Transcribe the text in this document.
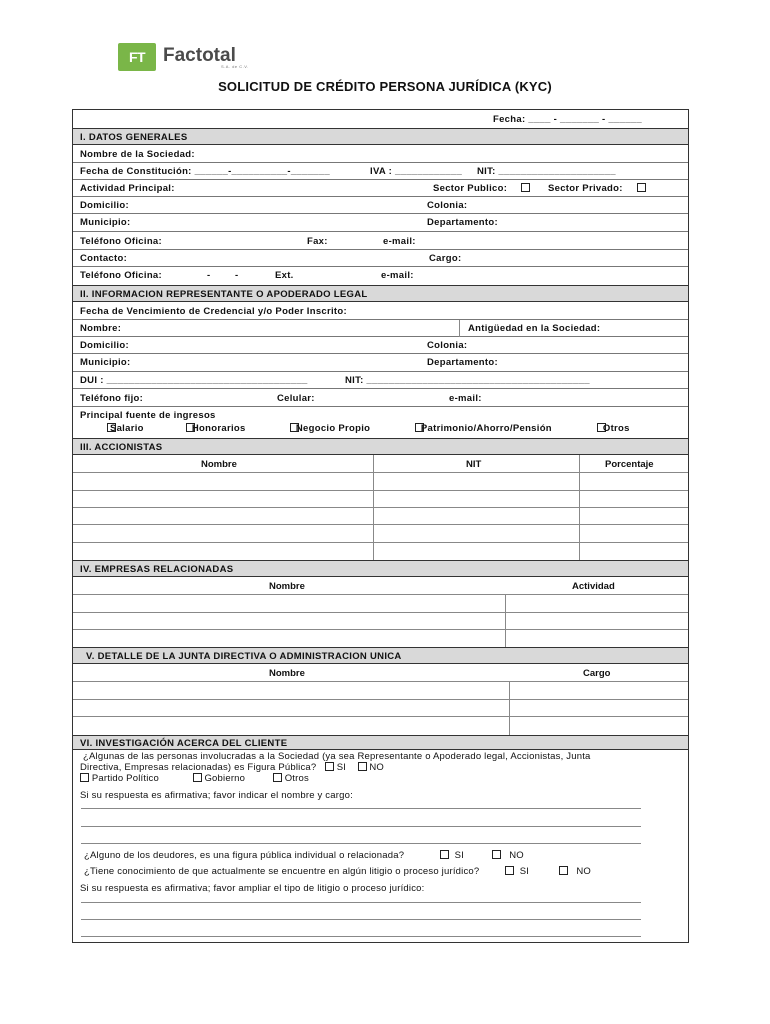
FT Factotal
S.A. de C.V.
SOLICITUD DE CRÉDITO PERSONA JURÍDICA (KYC)
Fecha: ____ - _______ - ______
I. DATOS GENERALES
Nombre de la Sociedad:
Fecha de Constitución: ______-__________-_______	IVA : ____________ NIT: _____________________
Actividad Principal:	Sector Publico:	Sector Privado:
Domicilio:	Colonia:
Municipio:	Departamento:
Teléfono Oficina:	Fax:	e-mail:
Contacto:	Cargo:
Teléfono Oficina:	-	-	Ext.	e-mail:
II. INFORMACION REPRESENTANTE O APODERADO LEGAL
Fecha de Vencimiento de Credencial y/o Poder Inscrito:
Nombre:	Antigüedad en la Sociedad:
Domicilio:	Colonia:
Municipio:	Departamento:
DUI : ____________________________________	NIT: ________________________________________
Teléfono fijo:	Celular:	e-mail:
Principal fuente de ingresos

Salario
	Honorarios
	Negocio Propio
	Patrimonio/Ahorro/Pensión
	Otros
III. ACCIONISTAS
Nombre	NIT	Porcentaje
IV. EMPRESAS RELACIONADAS
Nombre	Actividad
V. DETALLE DE LA JUNTA DIRECTIVA O ADMINISTRACION UNICA
Nombre	Cargo
VI. INVESTIGACIÓN ACERCA DEL CLIENTE
¿Algunas de las personas involucradas a la Sociedad (ya sea Representante o Apoderado legal, Accionistas, Junta
Directiva, Empresas relacionadas) es Figura Pública? SI NO
Partido Político	Gobierno	Otros
Si su respuesta es afirmativa; favor indicar el nombre y cargo:
¿Alguno de los deudores, es una figura pública individual o relacionada?	SI	NO
¿Tiene conocimiento de que actualmente se encuentre en algún litigio o proceso jurídico?	SI	NO
Si su respuesta es afirmativa; favor ampliar el tipo de litigio o proceso jurídico:
